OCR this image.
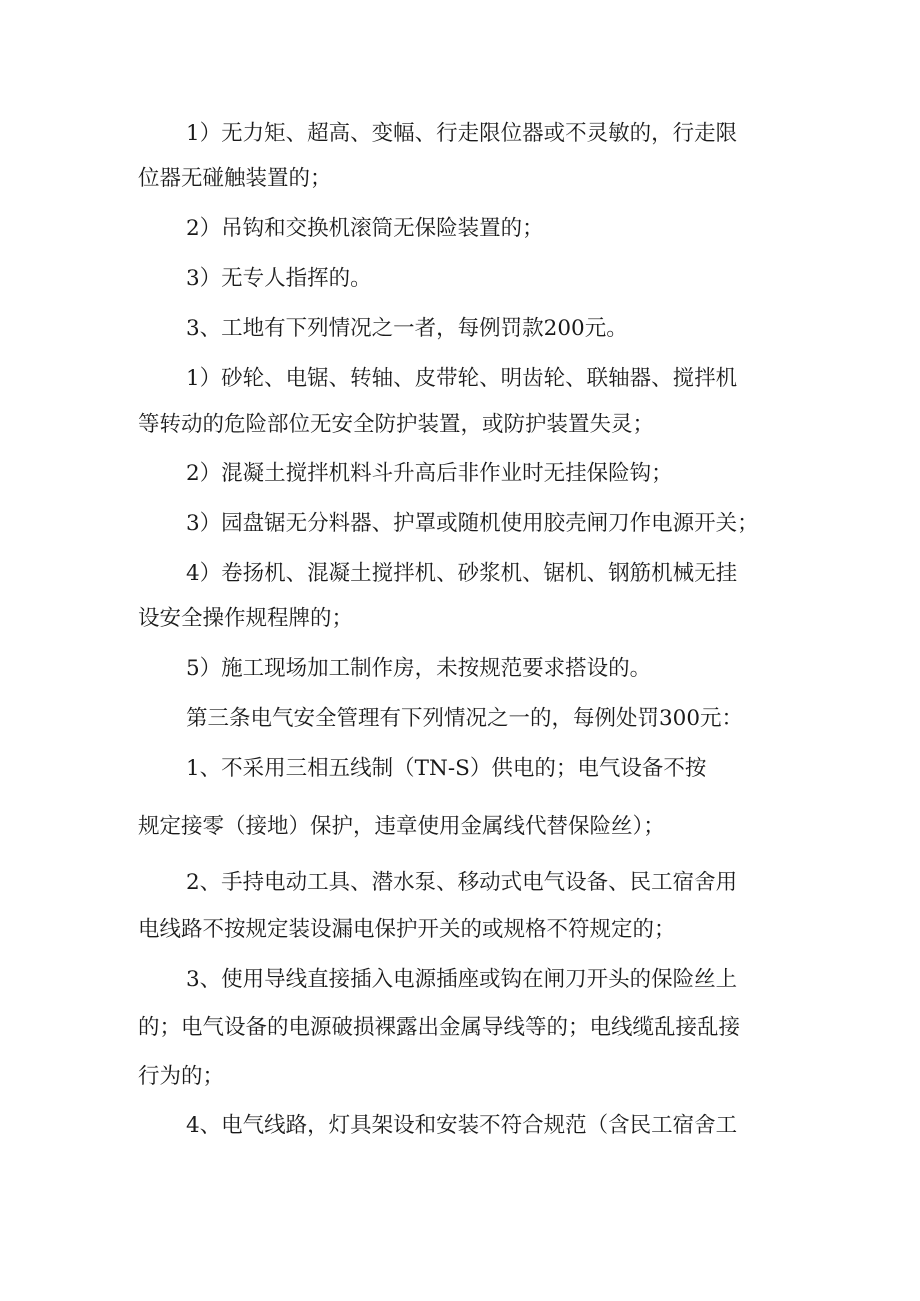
1）无力矩、超高、变幅、行走限位器或不灵敏的，行走限
位器无碰触装置的；
2）吊钩和交换机滚筒无保险装置的；
3）无专人指挥的。
3、工地有下列情况之一者，每例罚款200元。
1）砂轮、电锯、转轴、皮带轮、明齿轮、联轴器、搅拌机
等转动的危险部位无安全防护装置，或防护装置失灵；
2）混凝土搅拌机料斗升高后非作业时无挂保险钩；
3）园盘锯无分料器、护罩或随机使用胶壳闸刀作电源开关；
4）卷扬机、混凝土搅拌机、砂浆机、锯机、钢筋机械无挂
设安全操作规程牌的；
5）施工现场加工制作房，未按规范要求搭设的。
第三条电气安全管理有下列情况之一的，每例处罚300元：
1、不采用三相五线制（TN-S）供电的；电气设备不按
规定接零（接地）保护，违章使用金属线代替保险丝）；
2、手持电动工具、潜水泵、移动式电气设备、民工宿舍用
电线路不按规定装设漏电保护开关的或规格不符规定的；
3、使用导线直接插入电源插座或钩在闸刀开头的保险丝上
的；电气设备的电源破损裸露出金属导线等的；电线缆乱接乱接
行为的；
4、电气线路，灯具架设和安装不符合规范（含民工宿舍工
